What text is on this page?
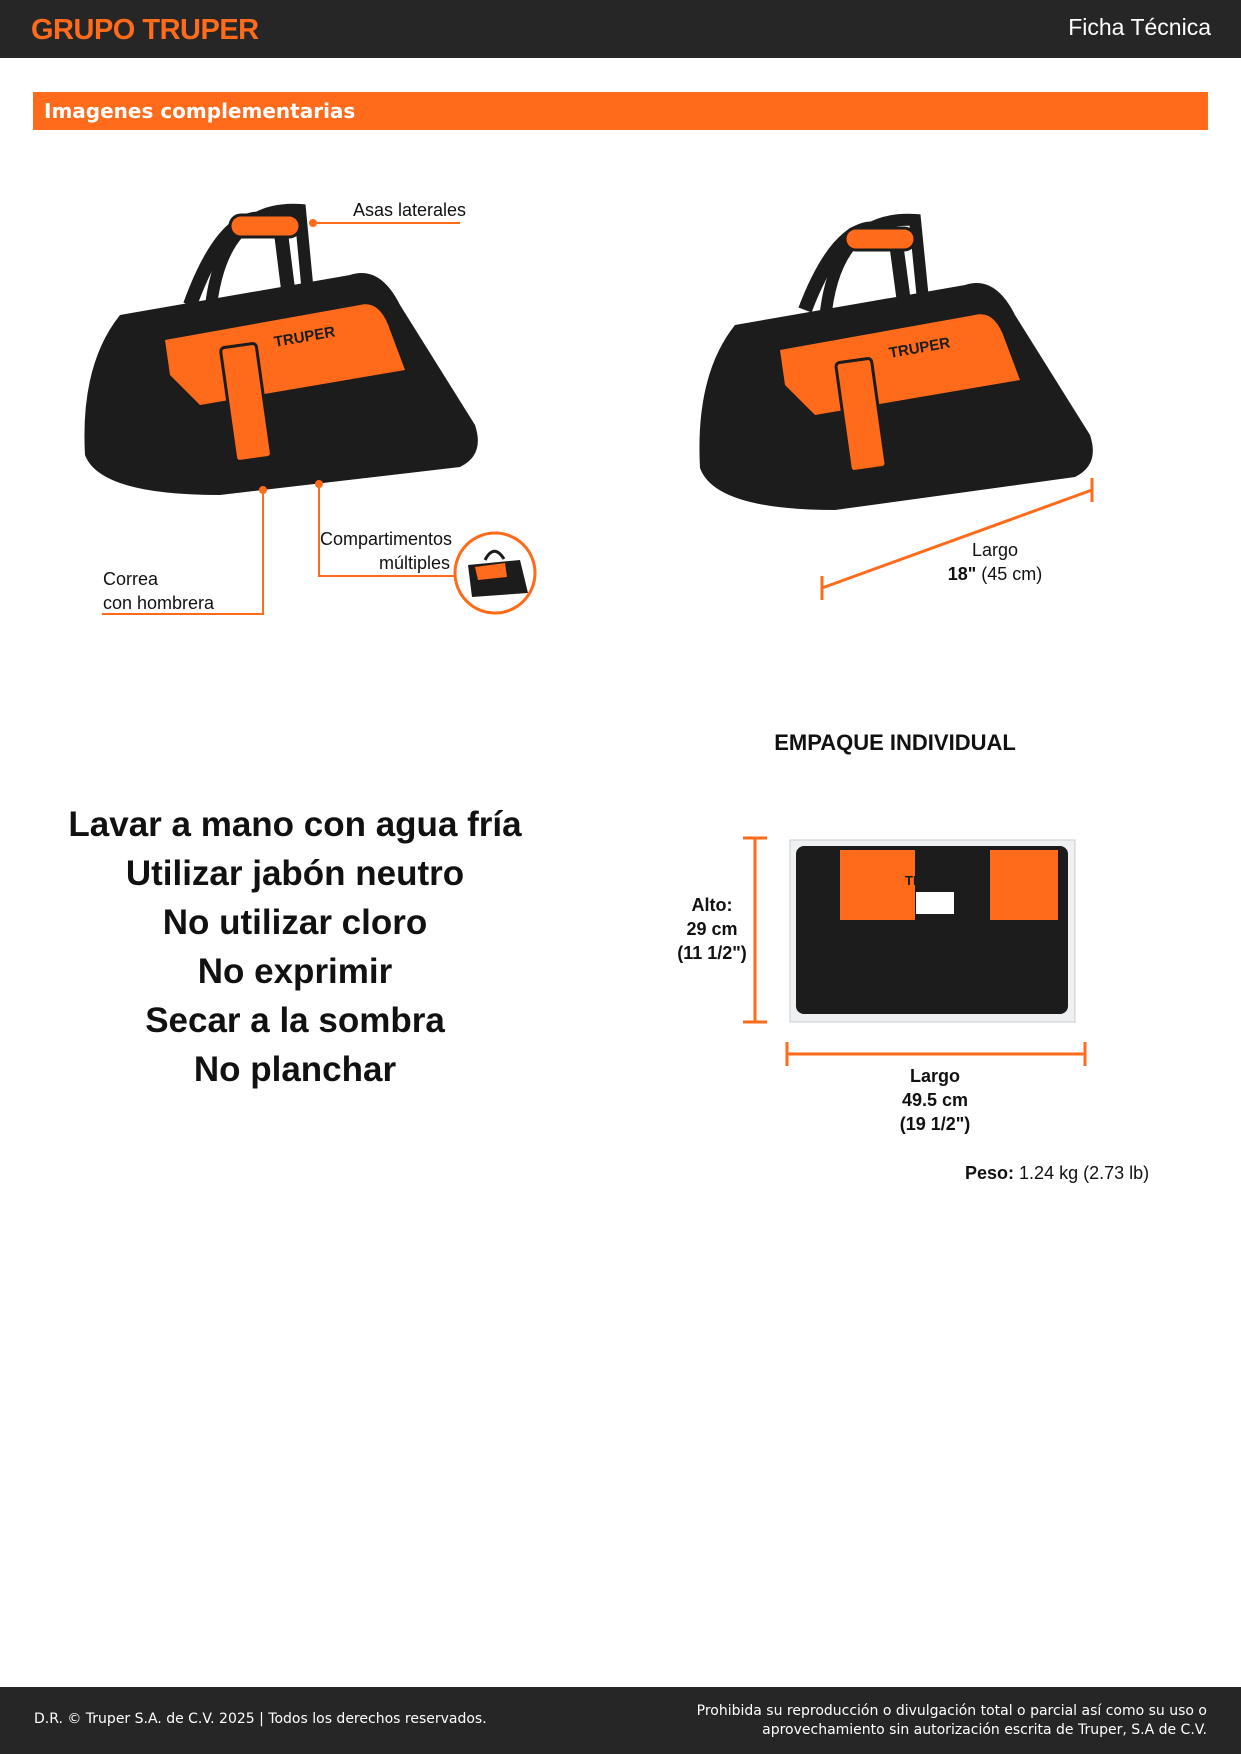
GRUPO TRUPER	Ficha Técnica
Imagenes complementarias
TRUPER
Asas laterales
Compartimentos
múltiples
Correa
con hombrera
TRUPER
Largo
18" (45 cm)
Lavar a mano con agua fría
Utilizar jabón neutro
No utilizar cloro
No exprimir
Secar a la sombra
No planchar
EMPAQUE INDIVIDUAL
TRUPER
Alto:
29 cm
(11 1/2")
Largo
49.5 cm
(19 1/2")
Peso: 1.24 kg (2.73 lb)
D.R. © Truper S.A. de C.V. 2025 | Todos los derechos reservados.	Prohibida su reproducción o divulgación total o parcial así como su uso o
aprovechamiento sin autorización escrita de Truper, S.A de C.V.
